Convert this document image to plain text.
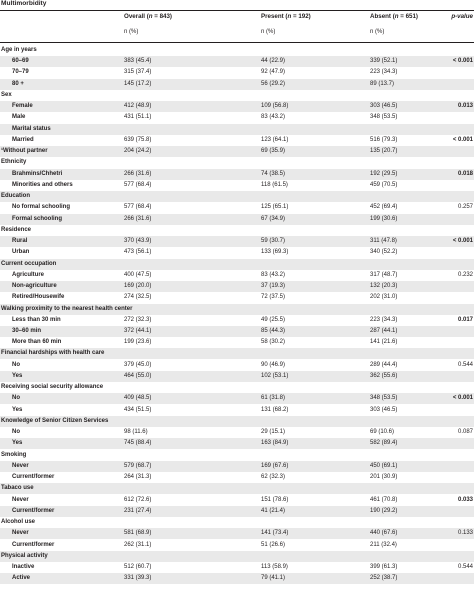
Multimorbidity
Overall (n = 843)	Present (n = 192)	Absent (n = 651)	p-value
n (%)	n (%)	n (%)
Age in years
60–69	383 (45.4)	44 (22.9)	339 (52.1)	< 0.001
70–79	315 (37.4)	92 (47.9)	223 (34.3)
80 +	145 (17.2)	56 (29.2)	89 (13.7)
Sex
Female	412 (48.9)	109 (56.8)	303 (46.5)	0.013
Male	431 (51.1)	83 (43.2)	348 (53.5)
Marital status
Married	639 (75.8)	123 (64.1)	516 (79.3)	< 0.001
¹Without partner	204 (24.2)	69 (35.9)	135 (20.7)
Ethnicity
Brahmins/Chhetri	266 (31.6)	74 (38.5)	192 (29.5)	0.018
Minorities and others	577 (68.4)	118 (61.5)	459 (70.5)
Education
No formal schooling	577 (68.4)	125 (65.1)	452 (69.4)	0.257
Formal schooling	266 (31.6)	67 (34.9)	199 (30.6)
Residence
Rural	370 (43.9)	59 (30.7)	311 (47.8)	< 0.001
Urban	473 (56.1)	133 (69.3)	340 (52.2)
Current occupation
Agriculture	400 (47.5)	83 (43.2)	317 (48.7)	0.232
Non-agriculture	169 (20.0)	37 (19.3)	132 (20.3)
Retired/Housewife	274 (32.5)	72 (37.5)	202 (31.0)
Walking proximity to the nearest health center
Less than 30 min	272 (32.3)	49 (25.5)	223 (34.3)	0.017
30–60 min	372 (44.1)	85 (44.3)	287 (44.1)
More than 60 min	199 (23.6)	58 (30.2)	141 (21.6)
Financial hardships with health care
No	379 (45.0)	90 (46.9)	289 (44.4)	0.544
Yes	464 (55.0)	102 (53.1)	362 (55.6)
Receiving social security allowance
No	409 (48.5)	61 (31.8)	348 (53.5)	< 0.001
Yes	434 (51.5)	131 (68.2)	303 (46.5)
Knowledge of Senior Citizen Services
No	98 (11.6)	29 (15.1)	69 (10.6)	0.087
Yes	745 (88.4)	163 (84.9)	582 (89.4)
Smoking
Never	579 (68.7)	169 (67.6)	450 (69.1)
Current/former	264 (31.3)	62 (32.3)	201 (30.9)
Tabaco use
Never	612 (72.6)	151 (78.6)	461 (70.8)	0.033
Current/former	231 (27.4)	41 (21.4)	190 (29.2)
Alcohol use
Never	581 (68.9)	141 (73.4)	440 (67.6)	0.133
Current/former	262 (31.1)	51 (26.6)	211 (32.4)
Physical activity
Inactive	512 (60.7)	113 (58.9)	399 (61.3)	0.544
Active	331 (39.3)	79 (41.1)	252 (38.7)
